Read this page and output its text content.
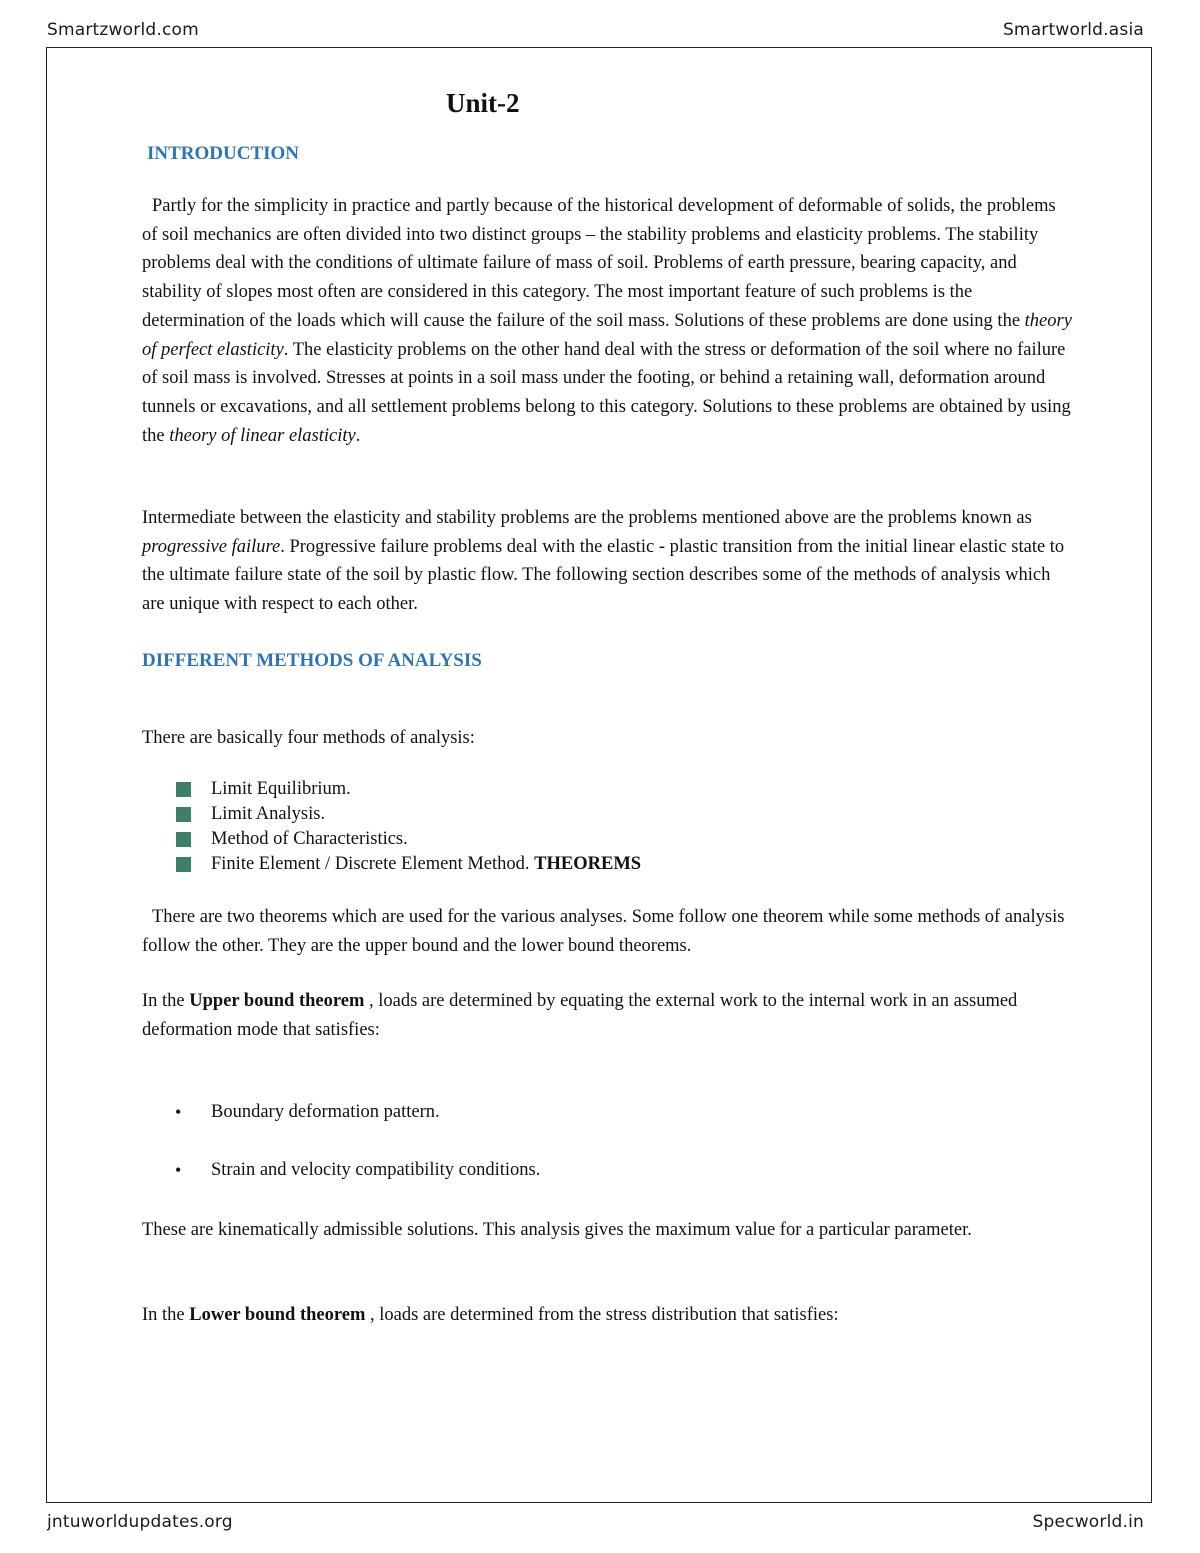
Smartzworld.com	Smartworld.asia
Unit-2
INTRODUCTION

Partly for the simplicity in practice and partly because of the historical development of deformable of solids, the problems of soil mechanics are often divided into two distinct groups – the stability problems and elasticity problems. The stability problems deal with the conditions of ultimate failure of mass of soil. Problems of earth pressure, bearing capacity, and stability of slopes most often are considered in this category. The most important feature of such problems is the determination of the loads which will cause the failure of the soil mass. Solutions of these problems are done using the theory of perfect elasticity. The elasticity problems on the other hand deal with the stress or deformation of the soil where no failure of soil mass is involved. Stresses at points in a soil mass under the footing, or behind a retaining wall, deformation around tunnels or excavations, and all settlement problems belong to this category. Solutions to these problems are obtained by using the theory of linear elasticity.

Intermediate between the elasticity and stability problems are the problems mentioned above are the problems known as progressive failure. Progressive failure problems deal with the elastic - plastic transition from the initial linear elastic state to the ultimate failure state of the soil by plastic flow. The following section describes some of the methods of analysis which are unique with respect to each other.

DIFFERENT METHODS OF ANALYSIS

There are basically four methods of analysis:

Limit Equilibrium.
Limit Analysis.
Method of Characteristics.
Finite Element / Discrete Element Method. THEOREMS

There are two theorems which are used for the various analyses. Some follow one theorem while some methods of analysis follow the other. They are the upper bound and the lower bound theorems.

In the Upper bound theorem , loads are determined by equating the external work to the internal work in an assumed deformation mode that satisfies:

• Boundary deformation pattern.
• Strain and velocity compatibility conditions.

These are kinematically admissible solutions. This analysis gives the maximum value for a particular parameter.

In the Lower bound theorem , loads are determined from the stress distribution that satisfies:

jntuworldupdates.org	Specworld.in
